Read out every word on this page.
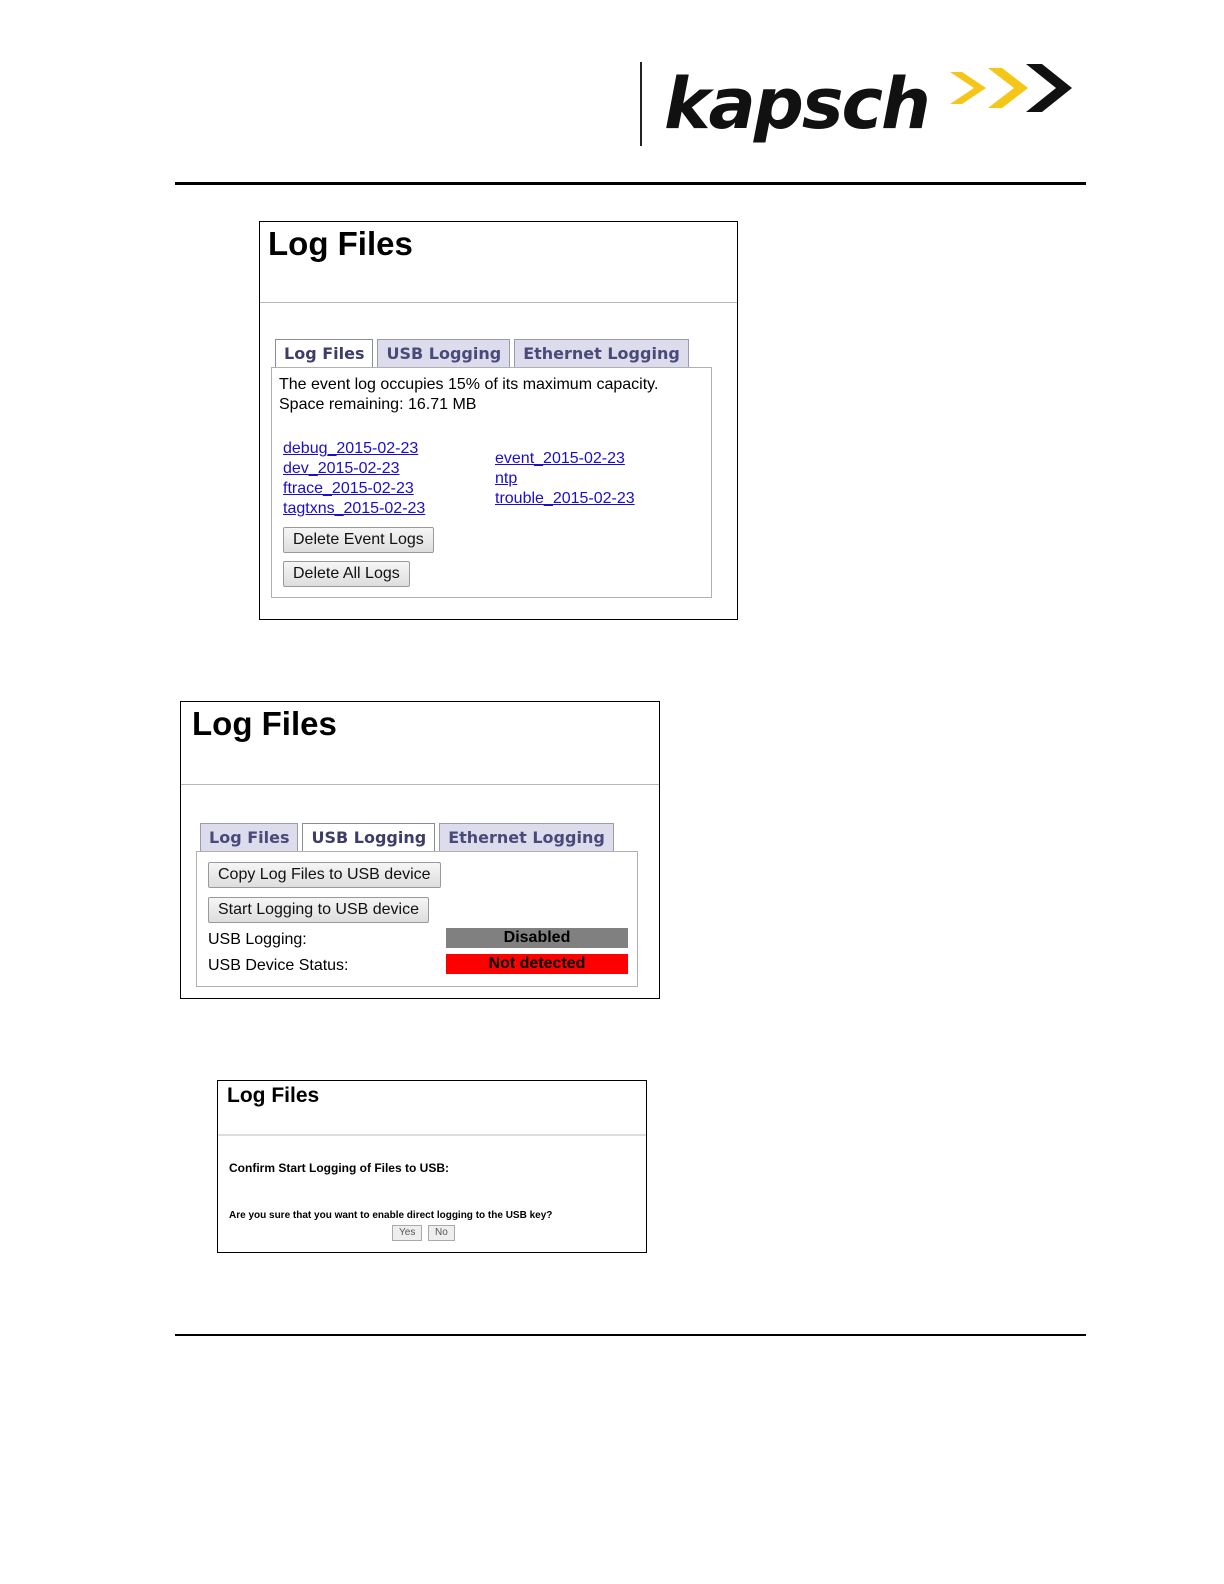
kapsch
Log Files
Log Files	USB Logging	Ethernet Logging
The event log occupies 15% of its maximum capacity.
Space remaining: 16.71 MB
debug_2015-02-23
dev_2015-02-23
ftrace_2015-02-23
tagtxns_2015-02-23
event_2015-02-23
ntp
trouble_2015-02-23
Delete Event Logs
Delete All Logs
Log Files
Log Files	USB Logging	Ethernet Logging
Copy Log Files to USB device
Start Logging to USB device
USB Logging:	Disabled
USB Device Status:	Not detected
Log Files
Confirm Start Logging of Files to USB:
Are you sure that you want to enable direct logging to the USB key?
Yes	No
